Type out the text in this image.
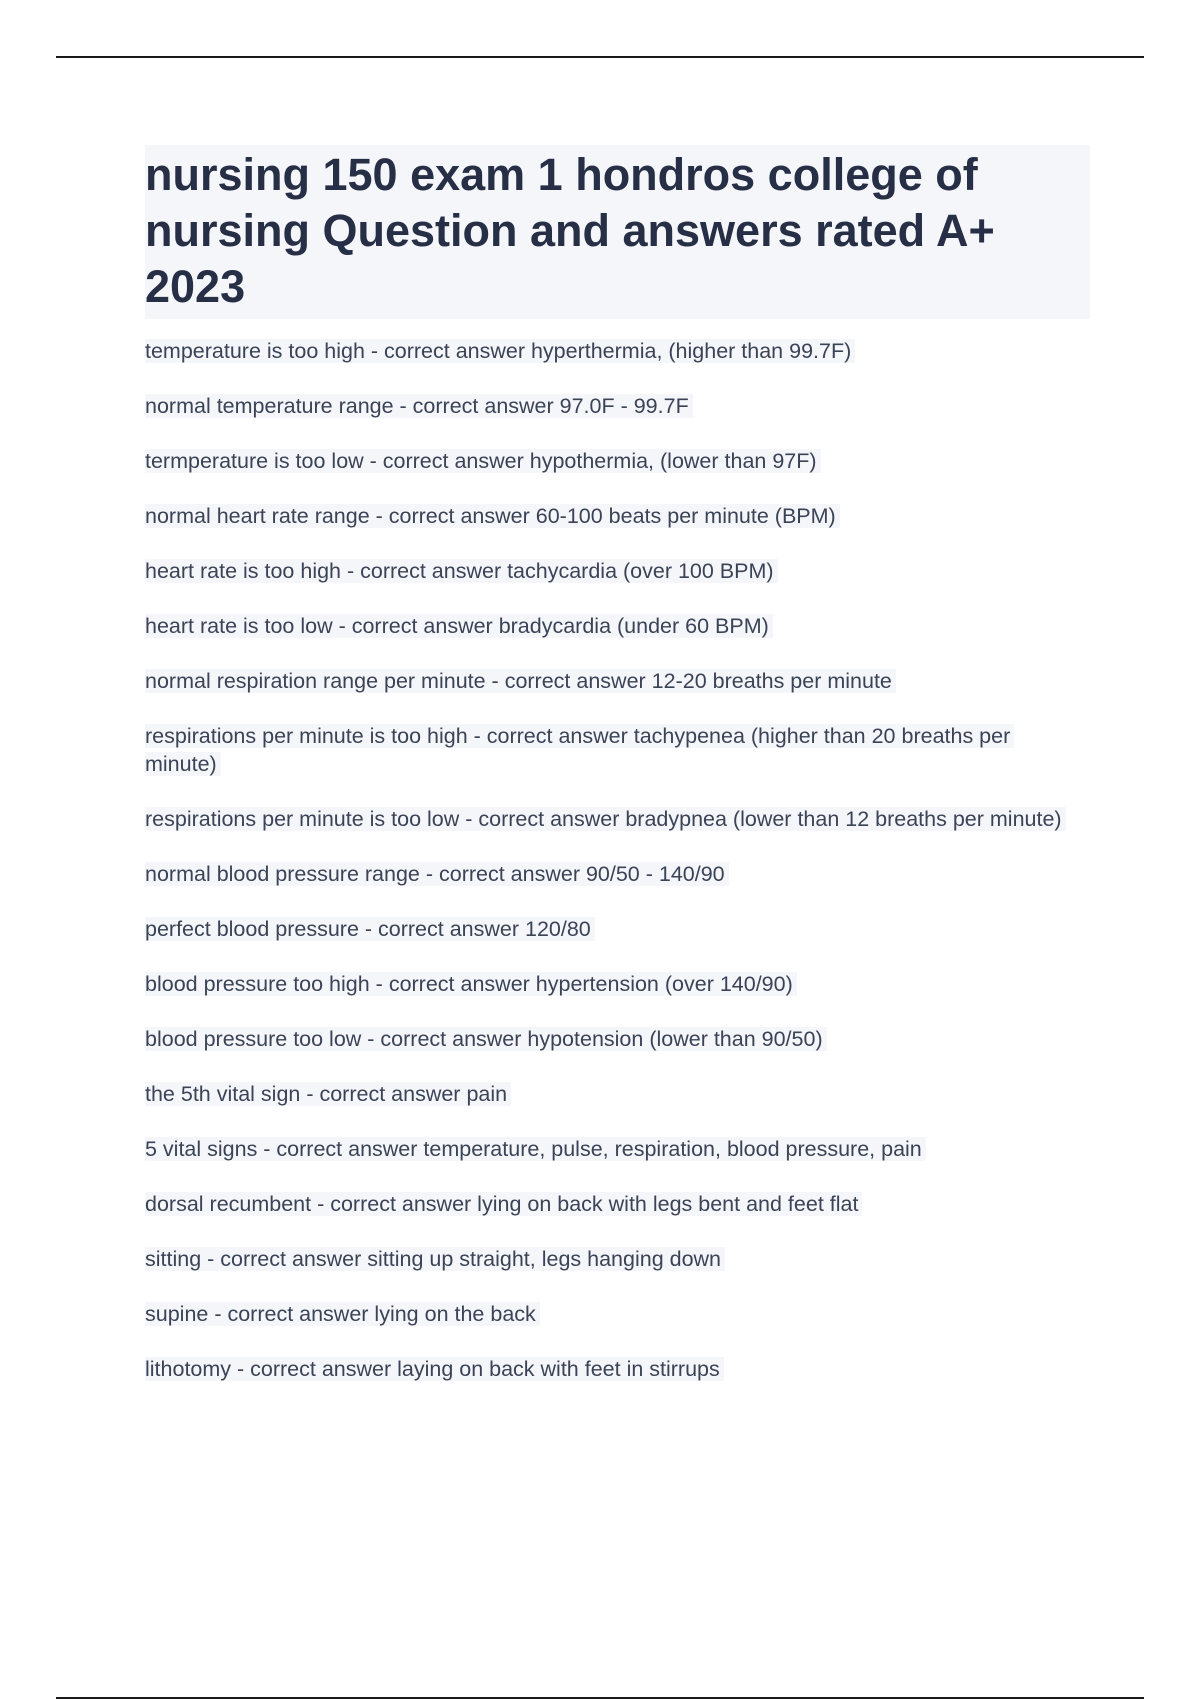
nursing 150 exam 1 hondros college of nursing Question and answers rated A+ 2023
temperature is too high - correct answer hyperthermia, (higher than 99.7F)
normal temperature range - correct answer 97.0F - 99.7F
termperature is too low - correct answer hypothermia, (lower than 97F)
normal heart rate range - correct answer 60-100 beats per minute (BPM)
heart rate is too high - correct answer tachycardia (over 100 BPM)
heart rate is too low - correct answer bradycardia (under 60 BPM)
normal respiration range per minute - correct answer 12-20 breaths per minute
respirations per minute is too high - correct answer tachypenea (higher than 20 breaths per minute)
respirations per minute is too low - correct answer bradypnea (lower than 12 breaths per minute)
normal blood pressure range - correct answer 90/50 - 140/90
perfect blood pressure - correct answer 120/80
blood pressure too high - correct answer hypertension (over 140/90)
blood pressure too low - correct answer hypotension (lower than 90/50)
the 5th vital sign - correct answer pain
5 vital signs - correct answer temperature, pulse, respiration, blood pressure, pain
dorsal recumbent - correct answer lying on back with legs bent and feet flat
sitting - correct answer sitting up straight, legs hanging down
supine - correct answer lying on the back
lithotomy - correct answer laying on back with feet in stirrups
